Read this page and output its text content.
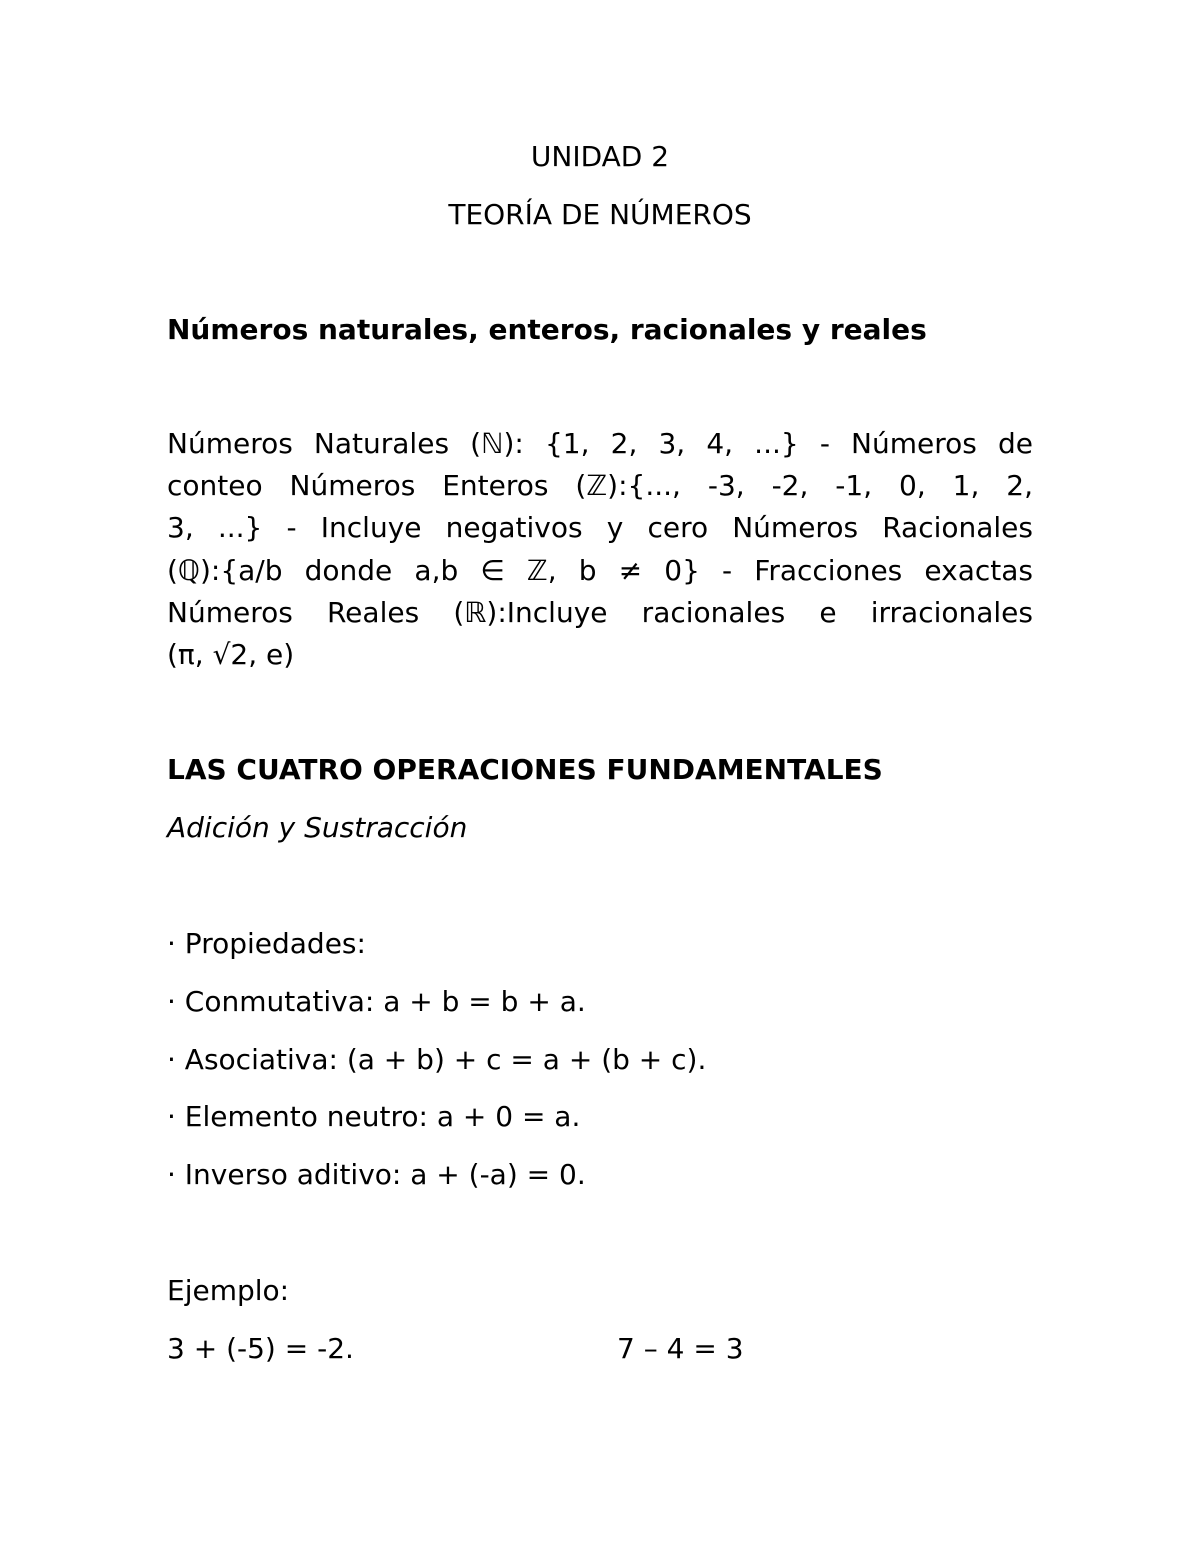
UNIDAD 2
TEORÍA DE NÚMEROS
Números naturales, enteros, racionales y reales
Números Naturales (ℕ): {1, 2, 3, 4, ...} - Números de
conteo Números Enteros (ℤ):{..., -3, -2, -1, 0, 1, 2,
3, ...} - Incluye negativos y cero Números Racionales
(ℚ):{a/b donde a,b ∈ ℤ, b ≠ 0} - Fracciones exactas
Números Reales (ℝ):Incluye racionales e irracionales
(π, √2, e)
LAS CUATRO OPERACIONES FUNDAMENTALES
Adición y Sustracción
· Propiedades:
· Conmutativa: a + b = b + a.
· Asociativa: (a + b) + c = a + (b + c).
· Elemento neutro: a + 0 = a.
· Inverso aditivo: a + (-a) = 0.
Ejemplo:
3 + (-5) = -2.	7 – 4 = 3
